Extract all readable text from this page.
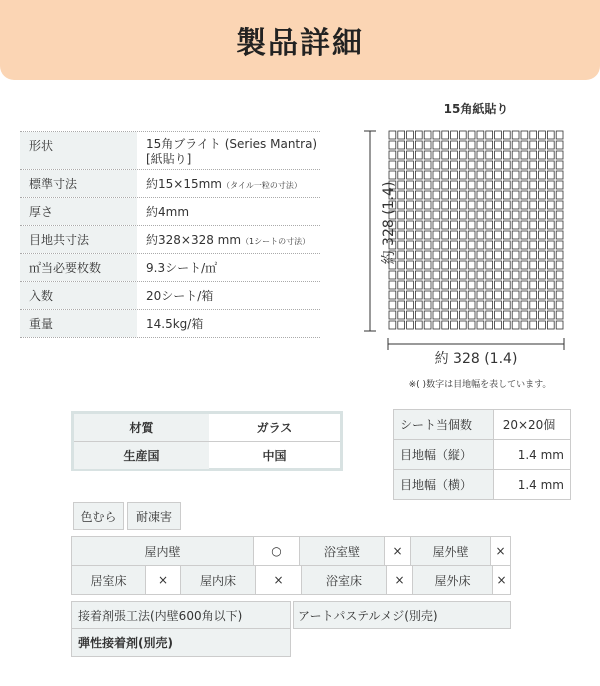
製品詳細
形状	15角ブライト (Series Mantra) [紙貼り]
標準寸法	約15×15mm（タイル一粒の寸法）
厚さ	約4mm
目地共寸法	約328×328 mm（1シートの寸法）
㎡当必要枚数	9.3シート/㎡
入数	20シート/箱
重量	14.5kg/箱
15角紙貼り
約 328 (1.4)
約 328 (1.4)
※( )数字は目地幅を表しています。
材質	ガラス
生産国	中国
シート当個数	20×20個
目地幅（縦）	1.4 mm
目地幅（横）	1.4 mm
色むら	耐凍害
屋内壁	○	浴室壁	×	屋外壁	×
居室床	×	屋内床	×	浴室床	×	屋外床	×
接着剤張工法(内壁600角以下)	アートパステルメジ(別売)
弾性接着剤(別売)
